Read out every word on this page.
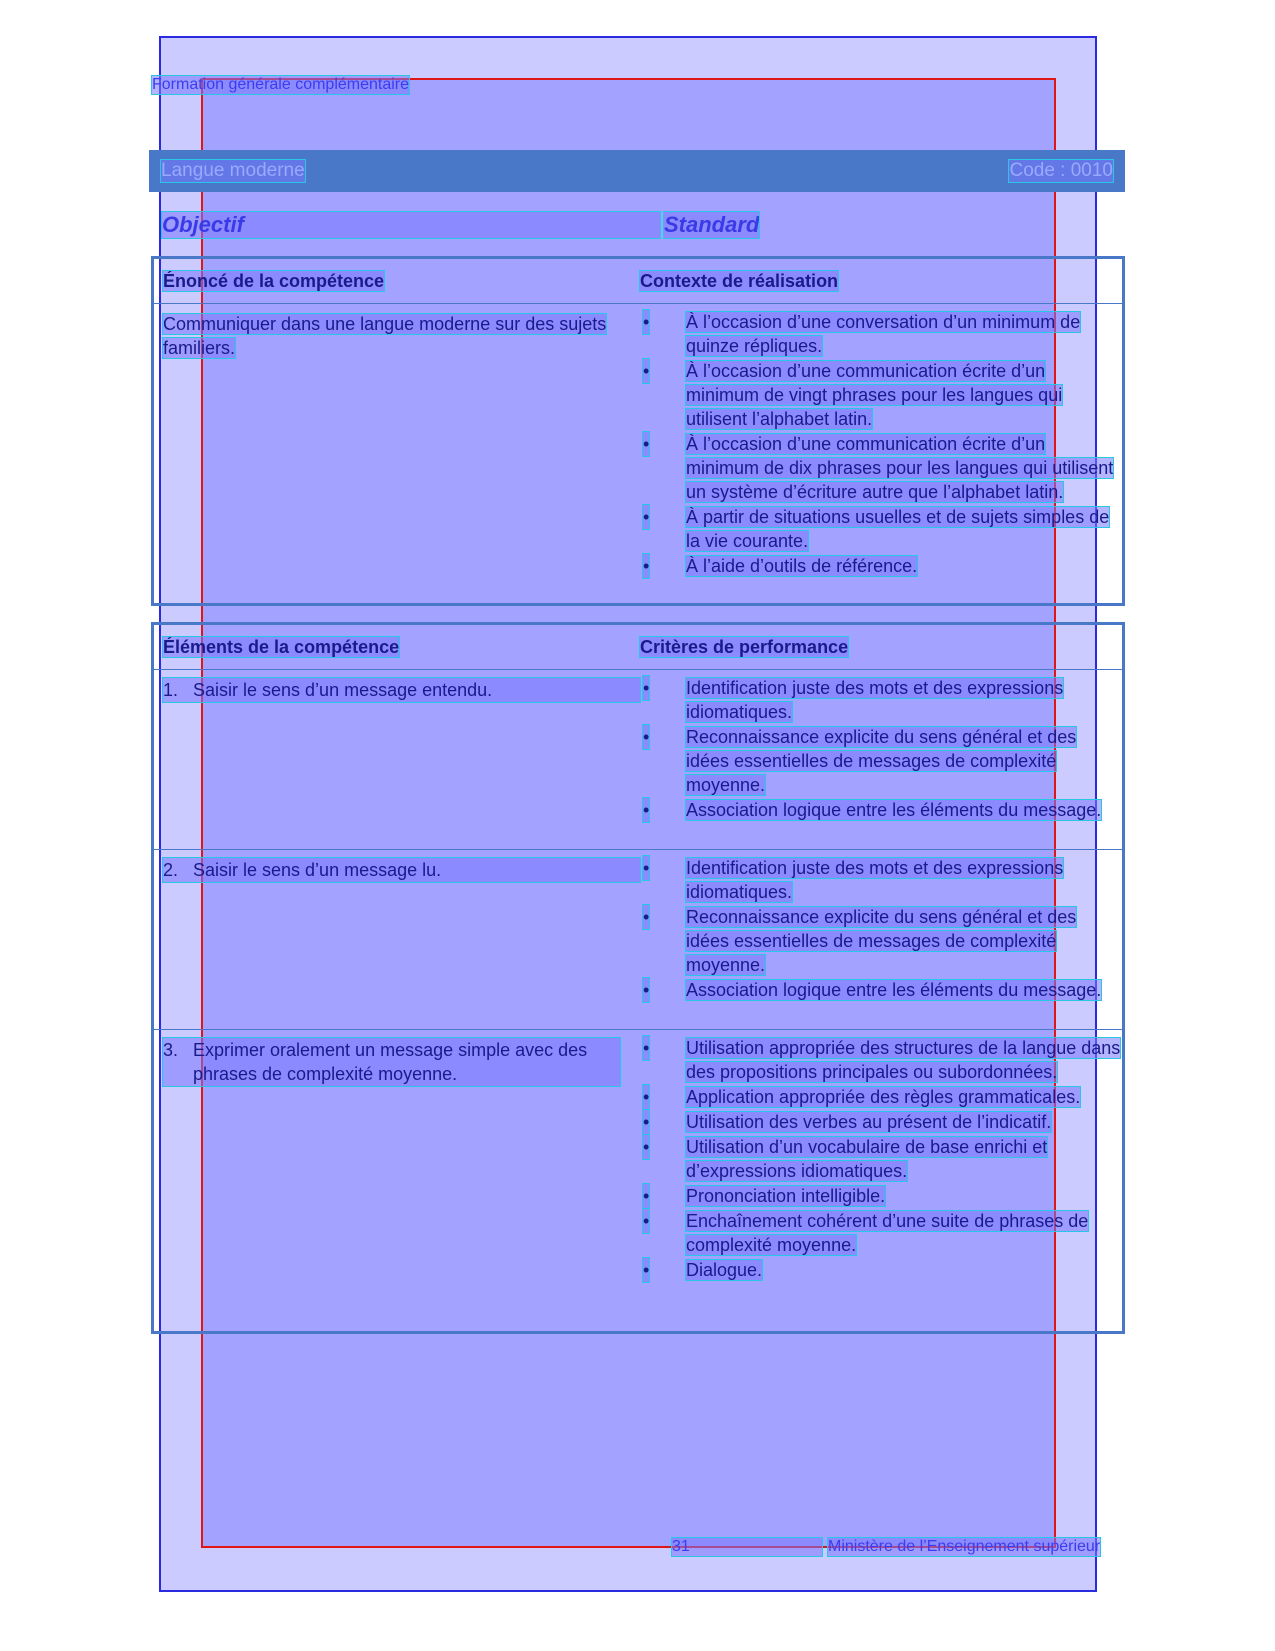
Formation générale complémentaire
Langue moderne	Code : 0010
Objectif	Standard
Énoncé de la compétence	Contexte de réalisation
Communiquer dans une langue moderne sur des sujets familiers.
• À l’occasion d’une conversation d’un minimum de quinze répliques.
• À l’occasion d’une communication écrite d’un minimum de vingt phrases pour les langues qui utilisent l’alphabet latin.
• À l’occasion d’une communication écrite d’un minimum de dix phrases pour les langues qui utilisent un système d’écriture autre que l’alphabet latin.
• À partir de situations usuelles et de sujets simples de la vie courante.
• À l’aide d’outils de référence.
Éléments de la compétence	Critères de performance
1. Saisir le sens d’un message entendu.	• Identification juste des mots et des expressions idiomatiques.
• Reconnaissance explicite du sens général et des idées essentielles de messages de complexité moyenne.
• Association logique entre les éléments du message.
2. Saisir le sens d’un message lu.	• Identification juste des mots et des expressions idiomatiques.
• Reconnaissance explicite du sens général et des idées essentielles de messages de complexité moyenne.
• Association logique entre les éléments du message.
3. Exprimer oralement un message simple avec des phrases de complexité moyenne.
• Utilisation appropriée des structures de la langue dans des propositions principales ou subordonnées.
• Application appropriée des règles grammaticales.
• Utilisation des verbes au présent de l’indicatif.
• Utilisation d’un vocabulaire de base enrichi et d’expressions idiomatiques.
• Prononciation intelligible.
• Enchaînement cohérent d’une suite de phrases de complexité moyenne.
• Dialogue.
31	Ministère de l’Enseignement supérieur
